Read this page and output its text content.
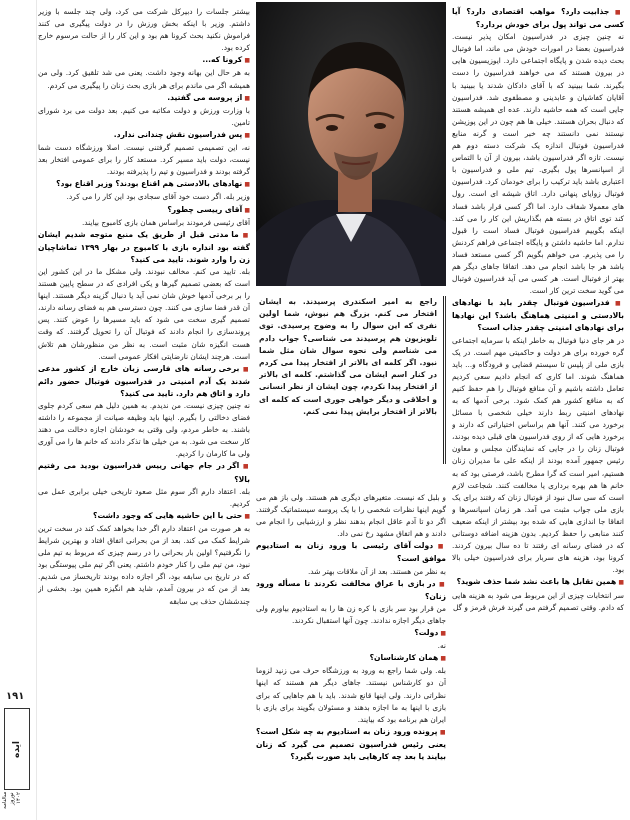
■ جذابیت دارد؟ مواهب اقتصادی دارد؟ آیا کسی می تواند پول برای خودش بردارد؟

نه چنین چیزی در فدراسیون امکان پذیر نیست. فدراسیون بعضا در امورات خودش می ماند، اما فوتبال بحث دیده شدن و پایگاه اجتماعی دارد. ایوزیسیون هایی در بیرون هستند که می خواهند فدراسیون را دست بگیرند. شما ببینید که با آقای دادکان شدند یا ببینید با آقایان کفاشیان و عابدینی و مصطفوی شد. فدراسیون جایی است که همه حاشیه دارند. عده ای همیشه هستند که دنبال بحران هستند. خیلی ها هم چون در این پوزیشن نیستند نمی دانستند چه خبر است و گرنه منابع فدراسیون فوتبال اندازه یک شرکت دسته دوم هم نیست. تازه اگر فدراسیون باشد، بیرون از آن با التماس از اسپانسرها پول بگیری. تیم ملی و فدراسیون با اعتباری باشد باید ترکیب را برای خودمان کرد. فدراسیون فوتبال زوایای پنهانی دارد. اتاق شیشه ای است. رول های معمولا شفاف دارد. اما اگر کسی قرار باشد فساد کند توی اتاق در بسته هم بگذاریش این کار را می کند. اینکه بگوییم فدراسیون فوتبال فساد است را قبول ندارم. اما حاشیه داشتن و پایگاه اجتماعی فراهم کردنش را می پذیرم. می خواهم بگویم اگر کسی مستعد فساد باشد هر جا باشد انجام می دهد. اتفاقا جاهای دیگر هم بهتر از فوتبال است. هر کسی می آید فدراسیون فوتبال می گوید سخت ترین کار است.

■ فدراسیون فوتبال چقدر باید با نهادهای بالادستی و امنیتی هماهنگ باشد؟ این نهادها برای نهادهای امنیتی چقدر جذاب است؟

در هر جای دنیا فوتبال به خاطر اینکه با سرمایه اجتماعی گره خورده برای هر دولت و حاکمیتی مهم است. در یک بازی ملی از پلیس تا سیستم قضایی و فرودگاه و... باید هماهنگ شوند. اما کاری که انجام دادیم سعی کردیم تعامل داشته باشیم و آن منافع فوتبال را هم حفظ کنیم که به منافع کشور هم کمک شود. برخی آدمها که به نهادهای امنیتی ربط دارند خیلی شخصی با مسائل برخورد می کنند. آنها هم براساس اختیاراتی که دارند و برخورد هایی که از روی فدراسیون های قبلی دیده بودند، فوتبال زنان را در جایی که نمایندگان مجلس و معاون رئیس جمهور آمده بودند از اینکه علی ما مدیران زنان هستیم، امیر است که گرا مطرح باشد، فرصتی بود که به خانم ها هم بهره برداری یا مخالفت کنند. شجاعت لازم است که سی سال نبود از فوتبال زنان که رفتند برای یک بازی ملی جواب مثبت می آمد. هر زمان اسپانسرها و اتفاقا جا اندازی هایی که شده بود بیشتر از اینکه ضعیف کنند منابعی را حفظ کردیم. بدون هزینه اضافه دوستانی که در فضای رسانه ای رفتند تا ده سال بیرون کردند. کرونا بود، هزینه های سربار برای فدراسیون خیلی بالا بود.

■ همین تقابل ها باعث نشد شما حذف شوید؟

سر انتخابات چیزی از این مربوط می شود به هزینه هایی که دادم. وقتی تصمیم گرفتم می گیرند فرش قرمز و گل

راجع به امیر اسکندری پرسیدند. به ایشان افتخار می کنم. بزرگ هم نبوش، شما اولین نفری که این سوال را به وضوح پرسیدی. توی تلویزیون هم پرسیدند می شناسی؟ جواب دادم می شناسم ولی نحوه سوال شان مثل شما نبود. اگر کلمه ای بالاتر از افتخار پیدا می کردم در کنار اسم ایشان می گذاشتم. کلمه ای بالاتر از افتخار پیدا نکردم، چون ایشان از نظر انسانی و اخلاقی و دیگر خواهی جوری است که کلمه ای بالاتر از افتخار برایش پیدا نمی کنم.

و بلبل که نیست. متغیرهای دیگری هم هستند. ولی باز هم می گویم اینها نظرات شخصی را با یک پروسه سیستماتیک گرفتند. اگر دو تا آدم عاقل انجام بدهند نظر و ارزشیابی را انجام می دادند و هم اتفاق مشهد رخ نمی داد.

■ دولت آقای رئیسی با ورود زنان به استادیوم موافق است؟

به نظر من هستند. بعد از آن ملاقات بهتر شد.

■ در بازی با عراق مخالفت نکردند تا مسأله ورود زنان؟

من قرار بود سر بازی با کره زن ها را به استادیوم بیاورم ولی جاهای دیگر اجازه ندادند. چون آنها استقبال نکردند.

■ دولت؟

نه.

■ همان کارشناسان؟

بله. ولی شما راجع به ورود به ورزشگاه حرف می زنید لزوما آن دو کارشناس نیستند. جاهای دیگر هم هستند که اینها نظراتی دارند. ولی اینها قانع شدند. باید با هم جاهایی که برای بازی با اینها به ما اجازه بدهند و مسئولان بگویند برای بازی با ایران هم برنامه بود که بیایند.

■ پرونده ورود زنان به استادیوم به چه شکل است؟ یعنی رئیس فدراسیون تصمیم می گیرد که زنان بیایند یا بعد چه کارهایی باید صورت بگیرد؟

بیشتر جلسات را دبیرکل شرکت می کرد، ولی چند جلسه با وزیر داشتم. وزیر با اینکه بخش ورزش را در دولت پیگیری می کنند فراموش نکنید بحث کرونا هم بود و این کار را از حالت مرسوم خارج کرده بود.

■ کرونا که...

به هر حال این بهانه وجود داشت. یعنی می شد تلقیق کرد. ولی من همیشه اگر می ماندم برای هر بازی بحث زنان را پیگیری می کردم.

■ از پروسه می گفتید.

با وزارت ورزش و دولت مکاتبه می کنیم. بعد دولت می برد شورای تامین.

■ پس فدراسیون نقش چندانی ندارد.

نه، این تصمیمی تصمیم گرفتنی نیست. اصلا ورزشگاه دست شما نیست، دولت باید مسیر کرد. مستعد کار را برای عمومی افتخار بعد گرفته بودند و فدراسیون و تیم را پذیرفته بودند.

■ نهادهای بالادستی هم اقناع بودند؟ وزیر اقناع بود؟

وزیر بله. اگر دست خود آقای سجادی بود این کار را می کرد.

■ آقای رییسی چطور؟

آقای رئیسی فرمودند براساس همان بازی کامبوج بیایند.

■ ما مدتی قبل از طریق یک منبع متوجه شدیم ایشان گفته بود انداره بازی با کامبوج در بهار ۱۳۹۹ تماشاچیان زن را وارد شوند. تایید می کنید؟

بله. تایید می کنم. مخالف نبودند. ولی مشکل ما در این کشور این است که بعضی تصمیم گیرها و یکی افرادی که در سطح پایین هستند را بر برخی آدمها خوش شان نمی آید یا دنبال گزینه دیگر هستند. اینها آن قدر فضا سازی می کنند. چون دسترسی هم به فضای رسانه دارند، تصمیم گیری سخت می شود که باید مسیرها را عوض کنند. پس پروندسازی را انجام دادند که فوتبال آن را تحویل گرفتند. که وقت هست انگیزه شان مثبت است. به نظر من منظورشان هم تلاش است. هرچند ایشان نارضایتی افکار عمومی است.

■ برخی رسانه های فارسی زبان خارج از کشور مدعی شدند یک آدم امنیتی در فدراسیون فوتبال حضور دائم دارد و اتاق هم دارد. تایید می کنید؟

نه چنین چیزی نیست. من ندیدم. به همین دلیل هم سعی کردم جلوی فضای دخالتی را بگیرم. اینها باید وظیفه صیانت از مجموعه را داشته باشند. به خاطر مردم، ولی وقتی به خودشان اجازه دخالت می دهند کار سخت می شود. به من خیلی ها تذکر دادند که خانم ها را می آوری ولی ما کارمان را کردیم.

■ اگر در جام جهانی رییس فدراسیون بودید می رفتیم بالا؟

بله. اعتقاد دارم اگر سوم مثل صعود تاریخی خیلی برابری عمل می کردیم.

■ حتی با این حاشیه هایی که وجود داشت؟

به هر صورت من اعتقاد دارم اگر خدا بخواهد کمک کند در سخت ترین شرایط کمک می کند. بعد از من بحرانی اتفاق افتاد و بهترین شرایط را نگرفتیم؟ اولین بار بحرانی را در رسم چیزی که مربوط به تیم ملی نبود، من تیم ملی را کنار خودم داشتم. یعنی اگر تیم ملی پیوستگی بود که در تاریخ بی سابقه بود، اگر اجازه داده بودند تاریخساز می شدیم. بعد از من که در بیرون آمدم، شاید هم انگیزه همین بود. بخشی از چندششان حذف بی سابقه

۱۹۱
ایده
سالنامه نوروز ۱۴۰۲
